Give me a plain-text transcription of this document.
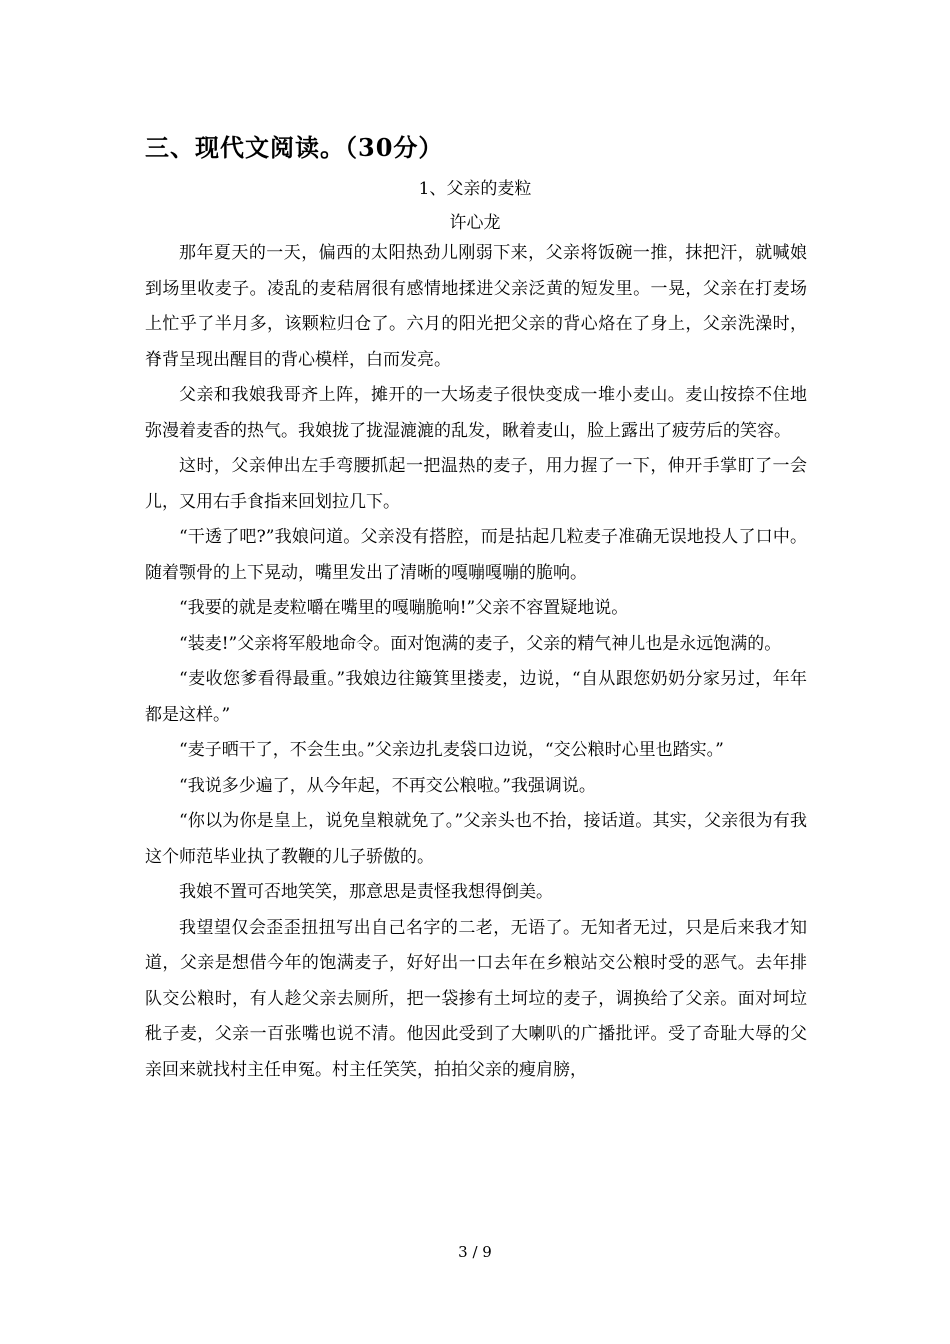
三、现代文阅读。（30分）
1、父亲的麦粒
许心龙

那年夏天的一天，偏西的太阳热劲儿刚弱下来，父亲将饭碗一推，抹把汗，就喊娘到场里收麦子。凌乱的麦秸屑很有感情地揉进父亲泛黄的短发里。一晃，父亲在打麦场上忙乎了半月多，该颗粒归仓了。六月的阳光把父亲的背心烙在了身上，父亲洗澡时，脊背呈现出醒目的背心模样，白而发亮。

父亲和我娘我哥齐上阵，摊开的一大场麦子很快变成一堆小麦山。麦山按捺不住地弥漫着麦香的热气。我娘拢了拢湿漉漉的乱发，瞅着麦山，脸上露出了疲劳后的笑容。

这时，父亲伸出左手弯腰抓起一把温热的麦子，用力握了一下，伸开手掌盯了一会儿，又用右手食指来回划拉几下。

“干透了吧?”我娘问道。父亲没有搭腔，而是拈起几粒麦子准确无误地投人了口中。随着颚骨的上下晃动，嘴里发出了清晰的嘎嘣嘎嘣的脆响。

“我要的就是麦粒嚼在嘴里的嘎嘣脆响!”父亲不容置疑地说。

“装麦!”父亲将军般地命令。面对饱满的麦子，父亲的精气神儿也是永远饱满的。

“麦收您爹看得最重。”我娘边往簸箕里搂麦，边说，“自从跟您奶奶分家另过，年年都是这样。”

“麦子晒干了，不会生虫。”父亲边扎麦袋口边说，“交公粮时心里也踏实。”

“我说多少遍了，从今年起，不再交公粮啦。”我强调说。

“你以为你是皇上，说免皇粮就免了。”父亲头也不抬，接话道。其实，父亲很为有我这个师范毕业执了教鞭的儿子骄傲的。

我娘不置可否地笑笑，那意思是责怪我想得倒美。

我望望仅会歪歪扭扭写出自己名字的二老，无语了。无知者无过，只是后来我才知道，父亲是想借今年的饱满麦子，好好出一口去年在乡粮站交公粮时受的恶气。去年排队交公粮时，有人趁父亲去厕所，把一袋掺有土坷垃的麦子，调换给了父亲。面对坷垃秕子麦，父亲一百张嘴也说不清。他因此受到了大喇叭的广播批评。受了奇耻大辱的父亲回来就找村主任申冤。村主任笑笑，拍拍父亲的瘦肩膀，

3 / 9
